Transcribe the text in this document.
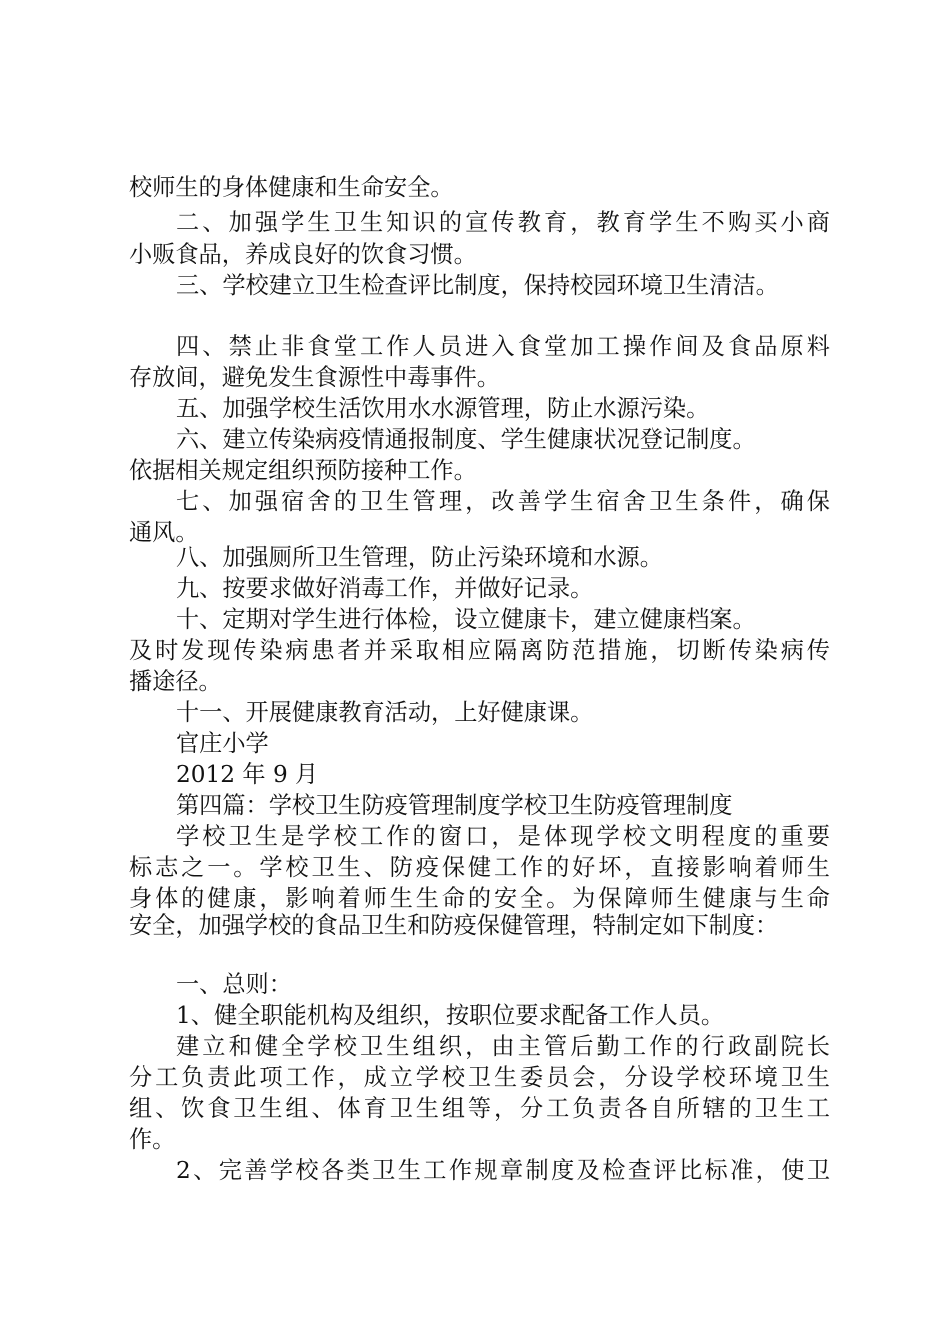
校师生的身体健康和生命安全。
二、加强学生卫生知识的宣传教育，教育学生不购买小商
小贩食品，养成良好的饮食习惯。
三、学校建立卫生检查评比制度，保持校园环境卫生清洁。
四、禁止非食堂工作人员进入食堂加工操作间及食品原料
存放间，避免发生食源性中毒事件。
五、加强学校生活饮用水水源管理，防止水源污染。
六、建立传染病疫情通报制度、学生健康状况登记制度。
依据相关规定组织预防接种工作。
七、加强宿舍的卫生管理，改善学生宿舍卫生条件，确保
通风。
八、加强厕所卫生管理，防止污染环境和水源。
九、按要求做好消毒工作，并做好记录。
十、定期对学生进行体检，设立健康卡，建立健康档案。
及时发现传染病患者并采取相应隔离防范措施，切断传染病传
播途径。
十一、开展健康教育活动，上好健康课。
官庄小学
2012 年 9 月
第四篇：学校卫生防疫管理制度学校卫生防疫管理制度
学校卫生是学校工作的窗口，是体现学校文明程度的重要
标志之一。学校卫生、防疫保健工作的好坏，直接影响着师生
身体的健康，影响着师生生命的安全。为保障师生健康与生命
安全，加强学校的食品卫生和防疫保健管理，特制定如下制度：
一、总则：
1、健全职能机构及组织，按职位要求配备工作人员。
建立和健全学校卫生组织，由主管后勤工作的行政副院长
分工负责此项工作，成立学校卫生委员会，分设学校环境卫生
组、饮食卫生组、体育卫生组等，分工负责各自所辖的卫生工
作。
2、完善学校各类卫生工作规章制度及检查评比标准，使卫
